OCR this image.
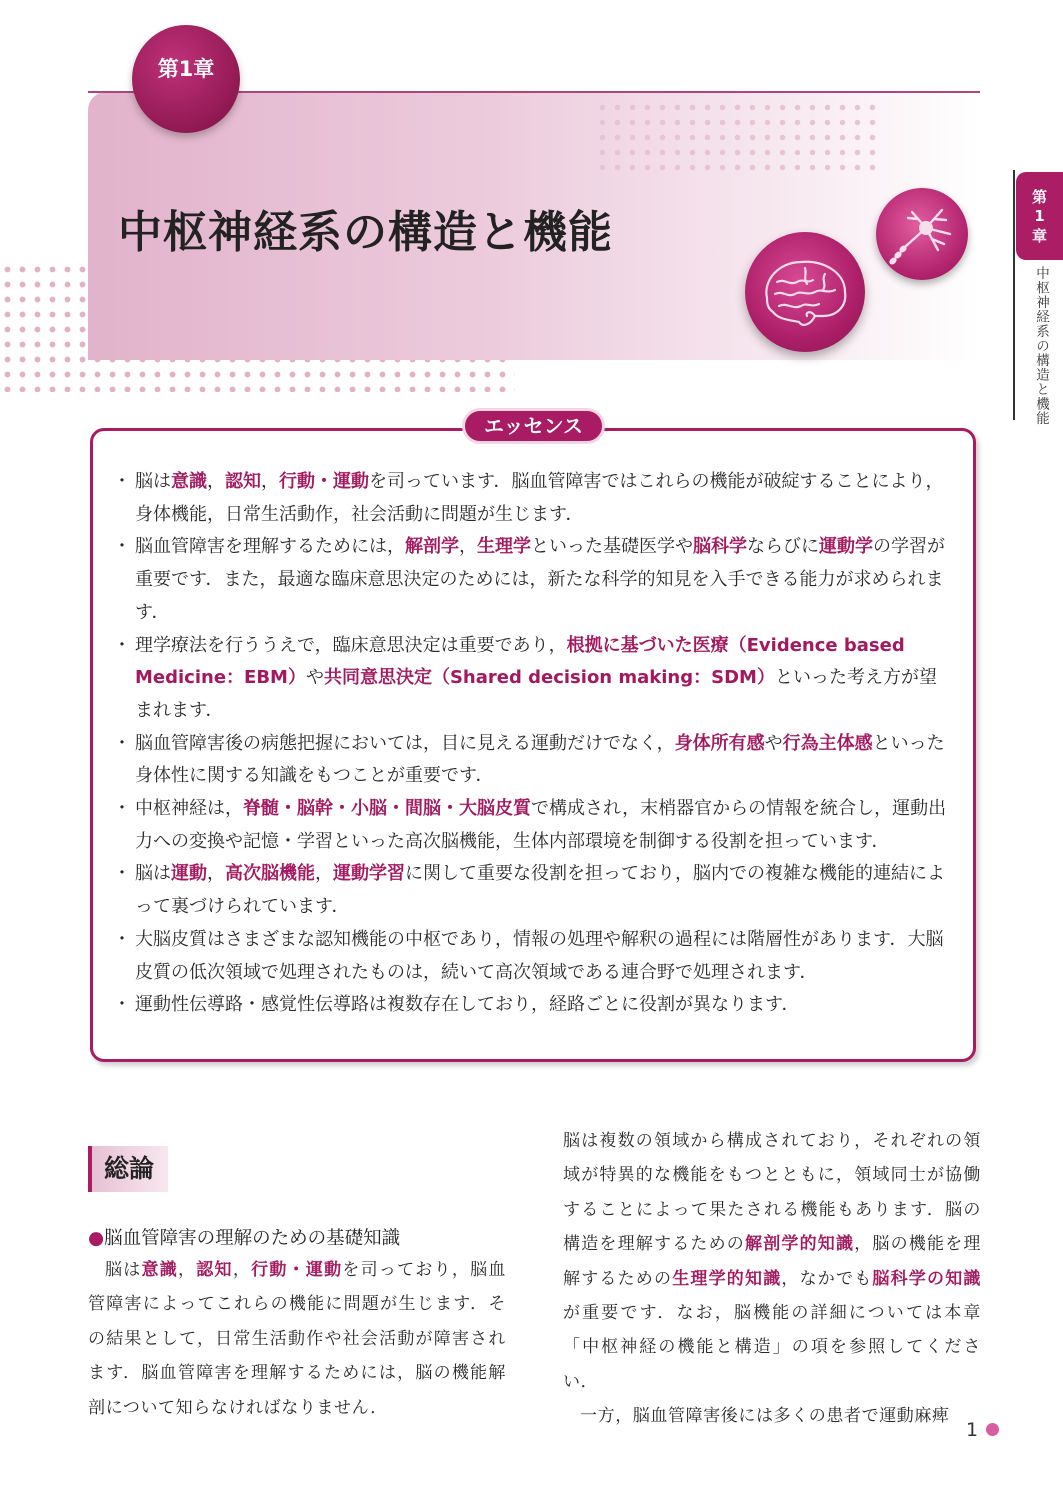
第1章
中枢神経系の構造と機能
第
1
章
中枢神経系の構造と機能
エッセンス
・ 脳は意識，認知，行動・運動を司っています．脳血管障害ではこれらの機能が破綻することにより，身体機能，日常生活動作，社会活動に問題が生じます．
・ 脳血管障害を理解するためには，解剖学，生理学といった基礎医学や脳科学ならびに運動学の学習が重要です．また，最適な臨床意思決定のためには，新たな科学的知見を入手できる能力が求められます．
・ 理学療法を行ううえで，臨床意思決定は重要であり，根拠に基づいた医療（Evidence based Medicine：EBM）や共同意思決定（Shared decision making：SDM）といった考え方が望まれます．
・ 脳血管障害後の病態把握においては，目に見える運動だけでなく，身体所有感や行為主体感といった身体性に関する知識をもつことが重要です．
・ 中枢神経は，脊髄・脳幹・小脳・間脳・大脳皮質で構成され，末梢器官からの情報を統合し，運動出力への変換や記憶・学習といった高次脳機能，生体内部環境を制御する役割を担っています．
・ 脳は運動，高次脳機能，運動学習に関して重要な役割を担っており，脳内での複雑な機能的連結によって裏づけられています．
・ 大脳皮質はさまざまな認知機能の中枢であり，情報の処理や解釈の過程には階層性があります．大脳皮質の低次領域で処理されたものは，続いて高次領域である連合野で処理されます．
・ 運動性伝導路・感覚性伝導路は複数存在しており，経路ごとに役割が異なります．
総論
●脳血管障害の理解のための基礎知識
脳は意識，認知，行動・運動を司っており，脳血管障害によってこれらの機能に問題が生じます．その結果として，日常生活動作や社会活動が障害されます．脳血管障害を理解するためには，脳の機能解剖について知らなければなりません．
脳は複数の領域から構成されており，それぞれの領域が特異的な機能をもつとともに，領域同士が協働することによって果たされる機能もあります．脳の構造を理解するための解剖学的知識，脳の機能を理解するための生理学的知識，なかでも脳科学の知識が重要です．なお，脳機能の詳細については本章「中枢神経の機能と構造」の項を参照してください．
一方，脳血管障害後には多くの患者で運動麻痺
1
